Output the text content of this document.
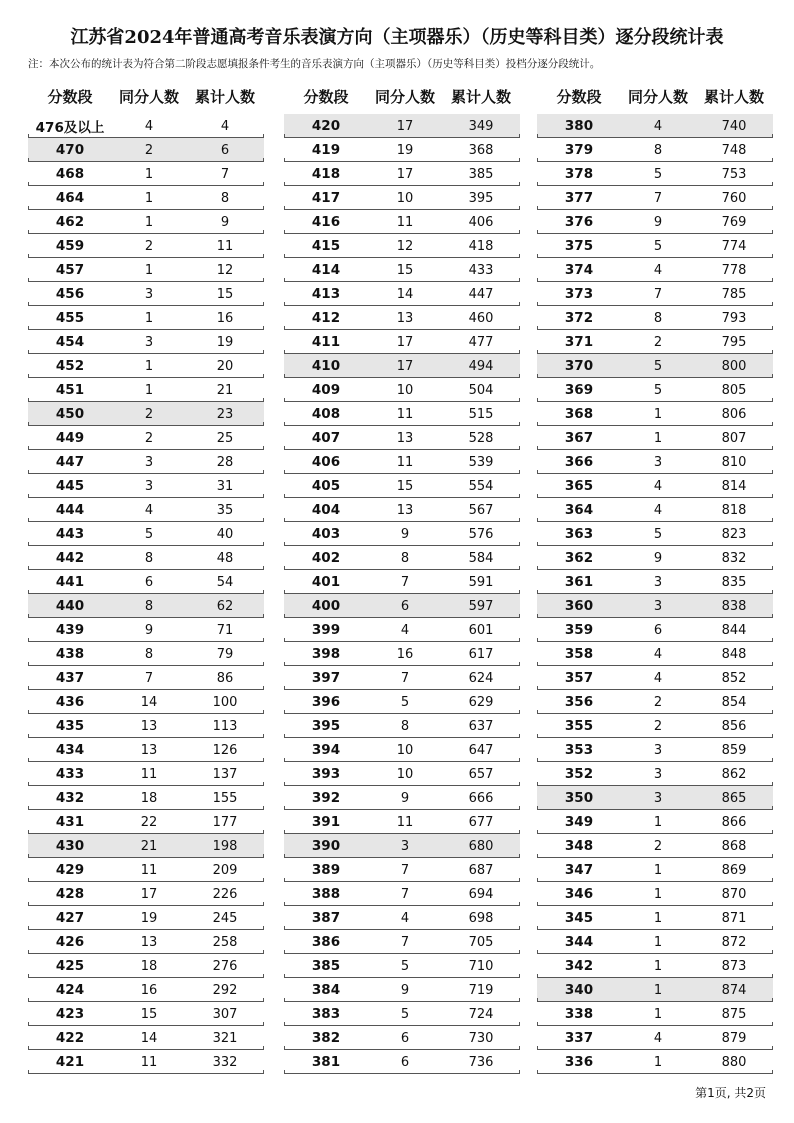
江苏省2024年普通高考音乐表演方向（主项器乐）（历史等科目类）逐分段统计表
注：本次公布的统计表为符合第二阶段志愿填报条件考生的音乐表演方向（主项器乐）（历史等科目类）投档分逐分段统计。
分数段	同分人数	累计人数
476及以上	4	4
470	2	6
468	1	7
464	1	8
462	1	9
459	2	11
457	1	12
456	3	15
455	1	16
454	3	19
452	1	20
451	1	21
450	2	23
449	2	25
447	3	28
445	3	31
444	4	35
443	5	40
442	8	48
441	6	54
440	8	62
439	9	71
438	8	79
437	7	86
436	14	100
435	13	113
434	13	126
433	11	137
432	18	155
431	22	177
430	21	198
429	11	209
428	17	226
427	19	245
426	13	258
425	18	276
424	16	292
423	15	307
422	14	321
421	11	332
分数段	同分人数	累计人数
420	17	349
419	19	368
418	17	385
417	10	395
416	11	406
415	12	418
414	15	433
413	14	447
412	13	460
411	17	477
410	17	494
409	10	504
408	11	515
407	13	528
406	11	539
405	15	554
404	13	567
403	9	576
402	8	584
401	7	591
400	6	597
399	4	601
398	16	617
397	7	624
396	5	629
395	8	637
394	10	647
393	10	657
392	9	666
391	11	677
390	3	680
389	7	687
388	7	694
387	4	698
386	7	705
385	5	710
384	9	719
383	5	724
382	6	730
381	6	736
分数段	同分人数	累计人数
380	4	740
379	8	748
378	5	753
377	7	760
376	9	769
375	5	774
374	4	778
373	7	785
372	8	793
371	2	795
370	5	800
369	5	805
368	1	806
367	1	807
366	3	810
365	4	814
364	4	818
363	5	823
362	9	832
361	3	835
360	3	838
359	6	844
358	4	848
357	4	852
356	2	854
355	2	856
353	3	859
352	3	862
350	3	865
349	1	866
348	2	868
347	1	869
346	1	870
345	1	871
344	1	872
342	1	873
340	1	874
338	1	875
337	4	879
336	1	880
第1页, 共2页
